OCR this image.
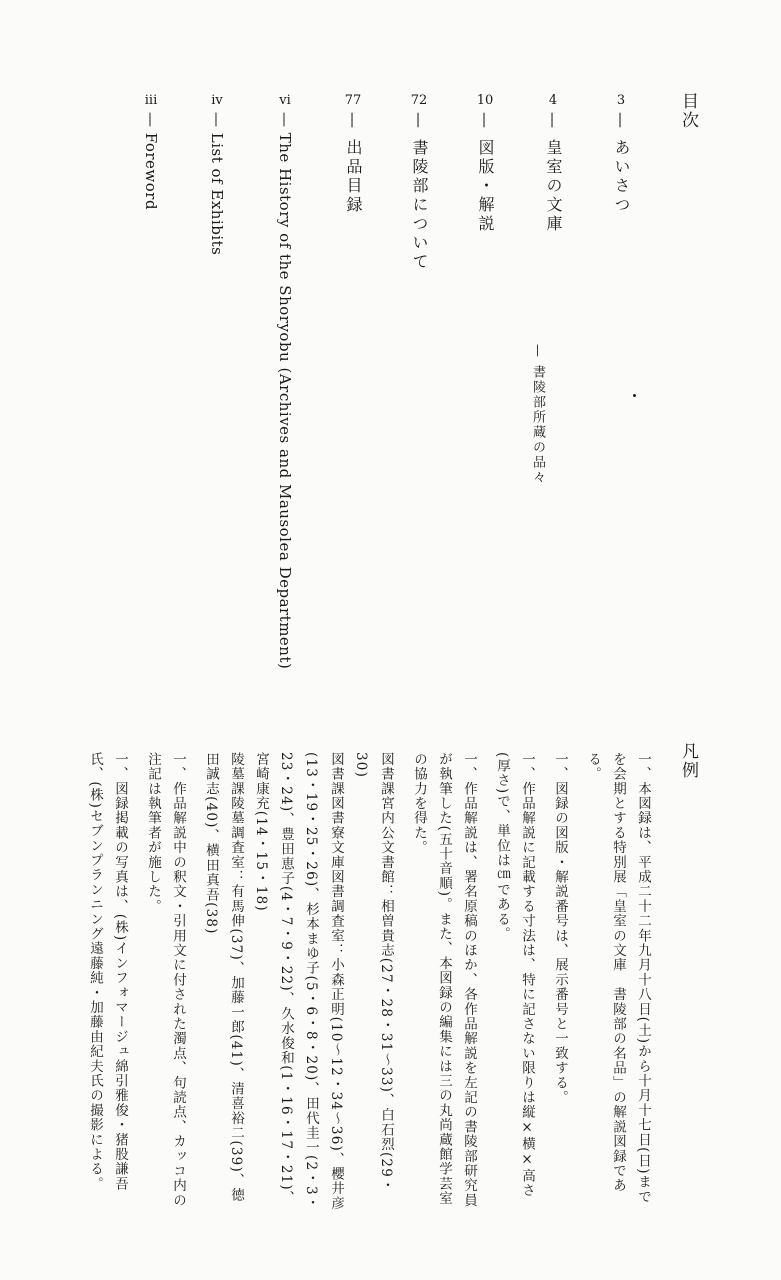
目次
3
— あいさつ
4
— 皇室の文庫
— 書陵部所蔵の品々
10
— 図版・解説
72
— 書陵部について
77
— 出品目録
vi
— The History of the Shoryobu (Archives and Mausolea Department)
iv
— List of Exhibits
iii
— Foreword
凡例

一、本図録は、平成二十二年九月十八日(土)から十月十七日(日)までを会期とする特別展「皇室の文庫　書陵部の名品」の解説図録である。

一、図録の図版・解説番号は、展示番号と一致する。

一、作品解説に記載する寸法は、特に記さない限りは縦×横×高さ(厚さ)で、単位は㎝である。

一、作品解説は、署名原稿のほか、各作品解説を左記の書陵部研究員が執筆した(五十音順)。また、本図録の編集には三の丸尚蔵館学芸室の協力を得た。

図書課宮内公文書館：相曽貴志(27・28・31〜33)、白石烈(29・30)

図書課図書寮文庫図書調査室：小森正明(10〜12・34〜36)、櫻井彦(13・19・25・26)、杉本まゆ子(5・6・8・20)、田代圭一(2・3・23・24)、豊田恵子(4・7・9・22)、久水俊和(1・16・17・21)、宮崎康充(14・15・18)

陵墓課陵墓調査室：有馬伸(37)、加藤一郎(41)、清喜裕二(39)、徳田誠志(40)、横田真吾(38)

一、作品解説中の釈文・引用文に付された濁点、句読点、カッコ内の注記は執筆者が施した。

一、図録掲載の写真は、(株)インフォマージュ綿引雅俊・猪股謙吾氏、(株)セブンプランニング遠藤純・加藤由紀夫氏の撮影による。
